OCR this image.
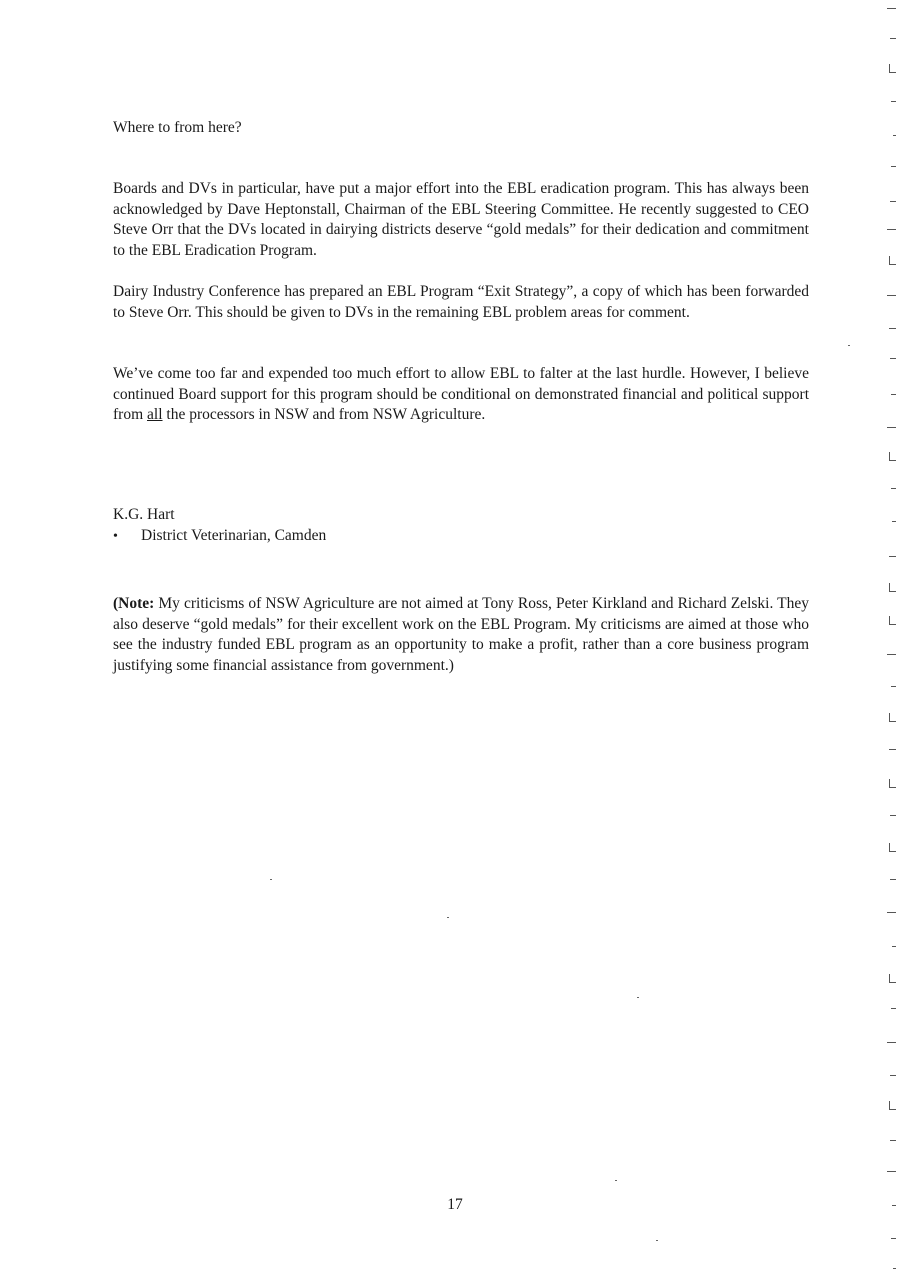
Where to from here?
Boards and DVs in particular, have put a major effort into the EBL eradication program. This has always been acknowledged by Dave Heptonstall, Chairman of the EBL Steering Committee. He recently suggested to CEO Steve Orr that the DVs located in dairying districts deserve “gold medals” for their dedication and commitment to the EBL Eradication Program.
Dairy Industry Conference has prepared an EBL Program “Exit Strategy”, a copy of which has been forwarded to Steve Orr. This should be given to DVs in the remaining EBL problem areas for comment.
We’ve come too far and expended too much effort to allow EBL to falter at the last hurdle. However, I believe continued Board support for this program should be conditional on demonstrated financial and political support from all the processors in NSW and from NSW Agriculture.
K.G. Hart
•	District Veterinarian, Camden
(Note: My criticisms of NSW Agriculture are not aimed at Tony Ross, Peter Kirkland and Richard Zelski. They also deserve “gold medals” for their excellent work on the EBL Program. My criticisms are aimed at those who see the industry funded EBL program as an opportunity to make a profit, rather than a core business program justifying some financial assistance from government.)
17
